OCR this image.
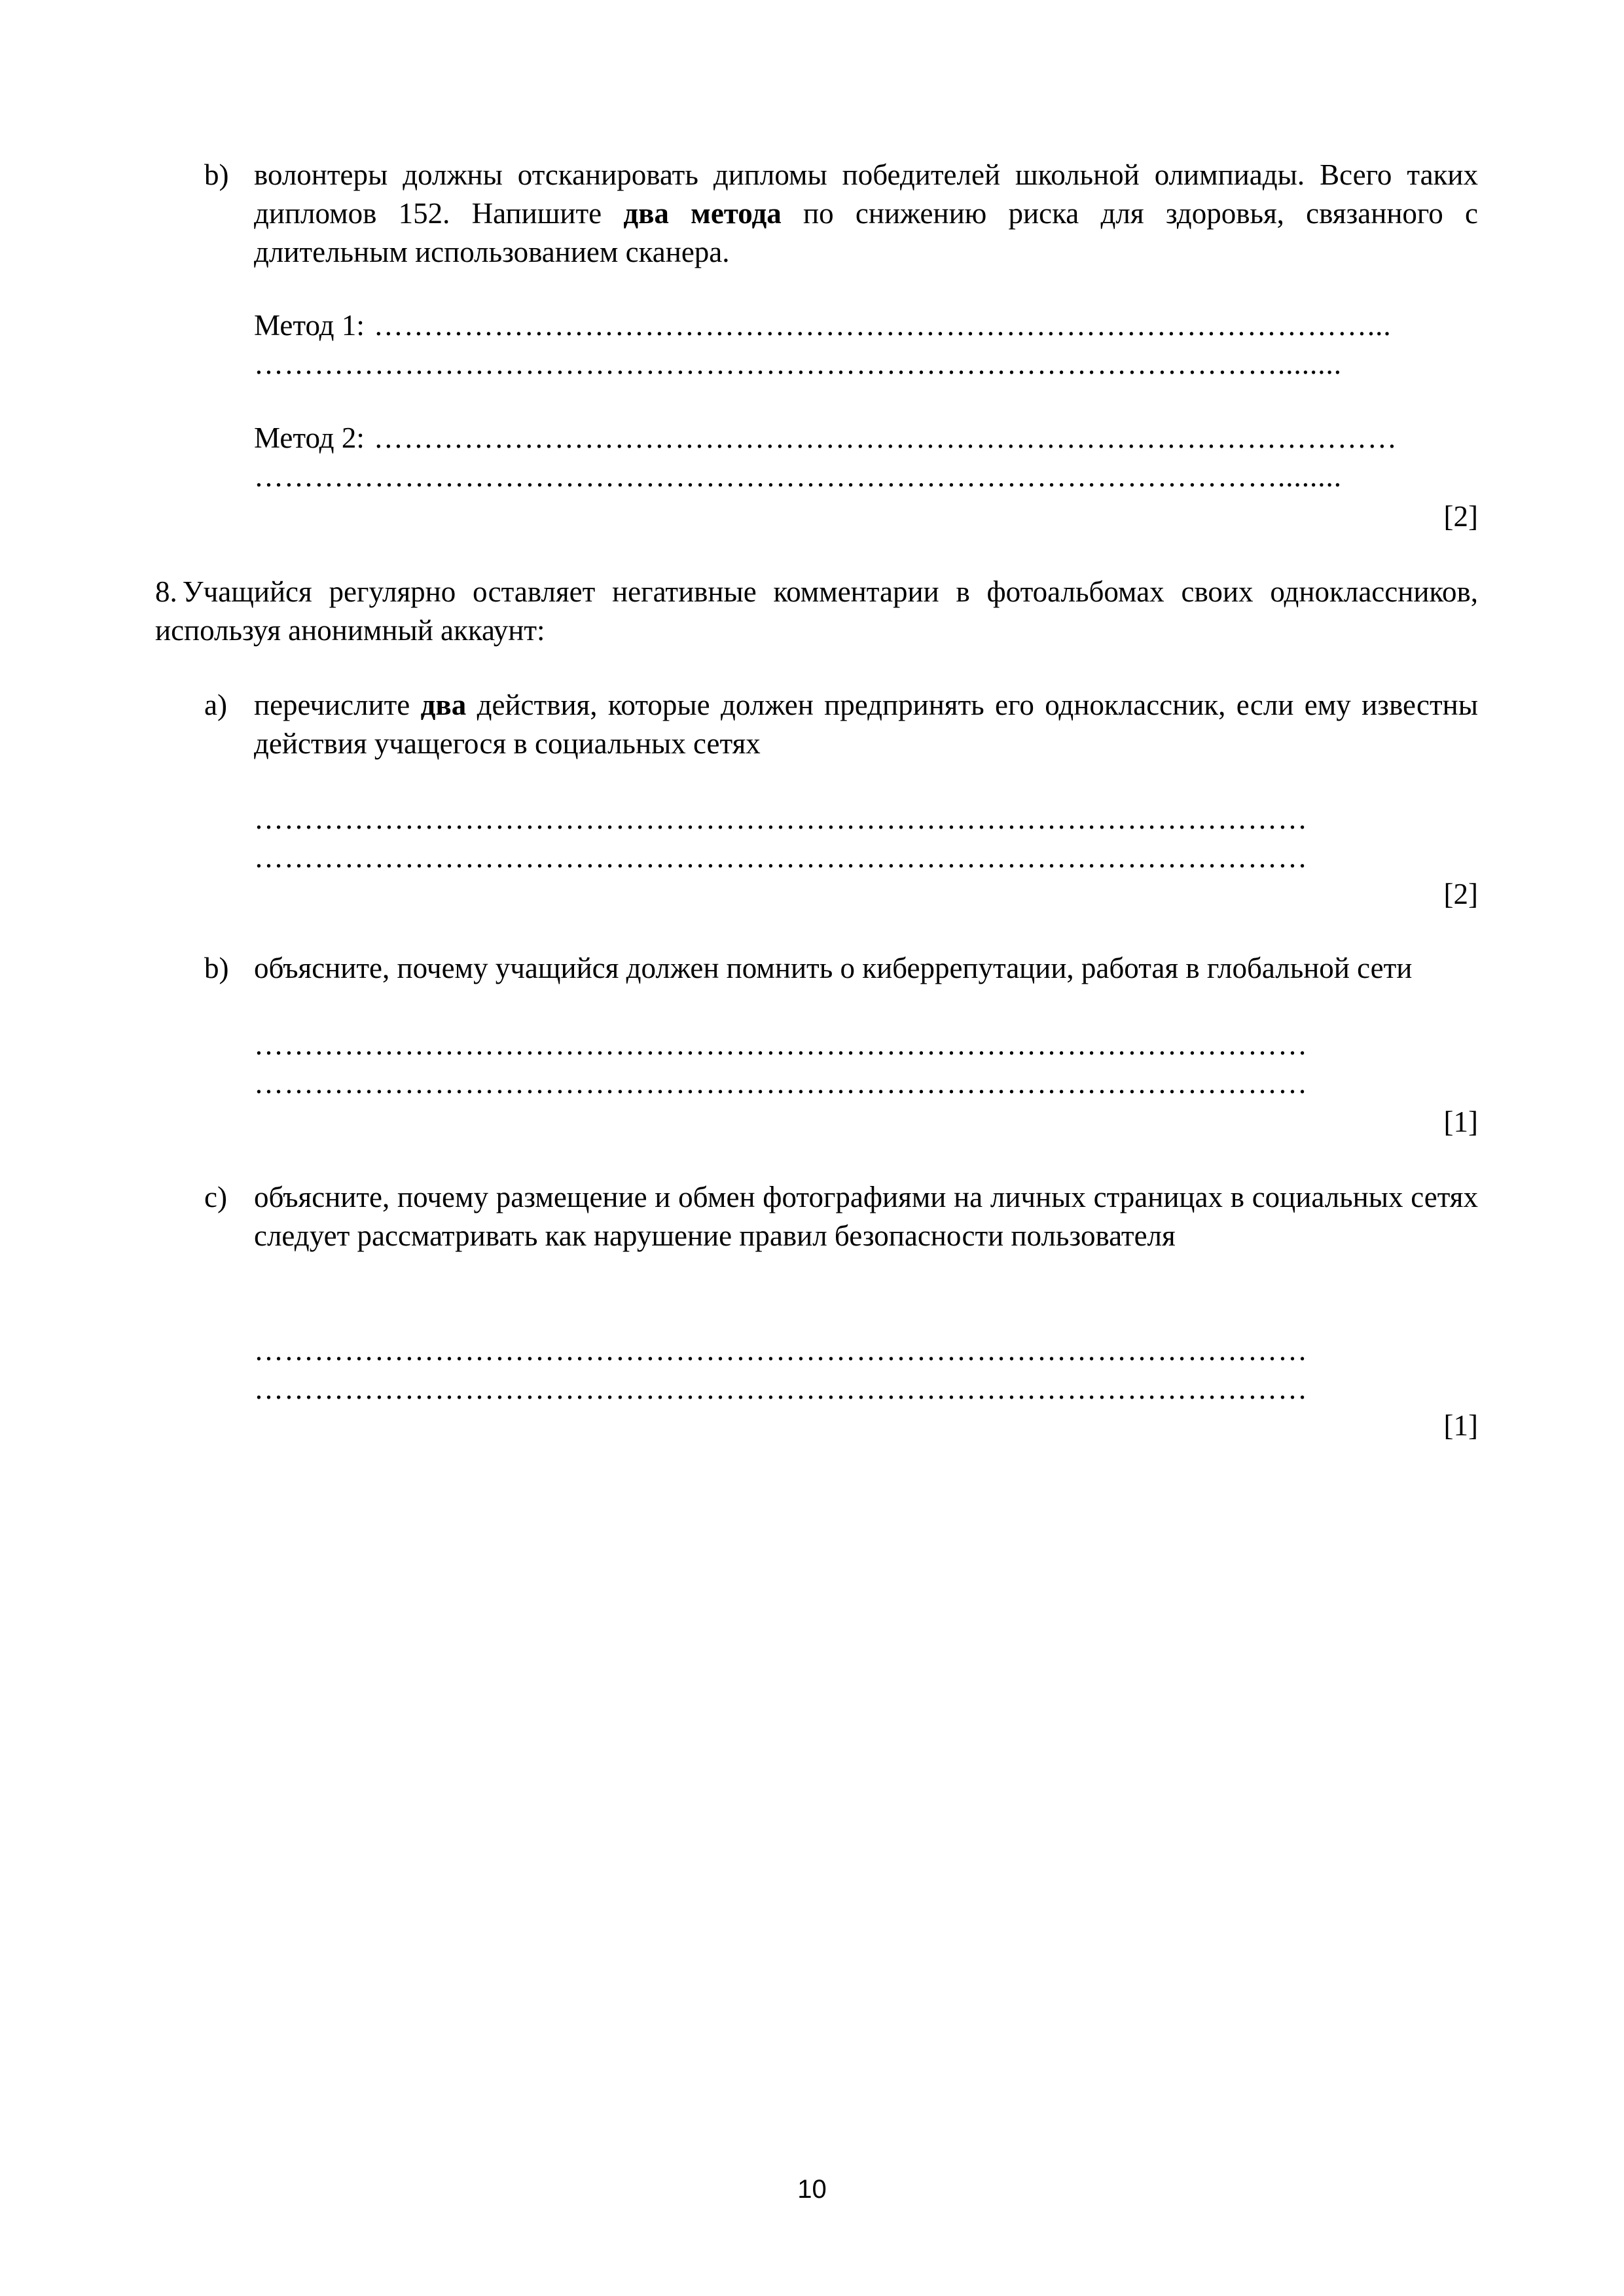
b) волонтеры должны отсканировать дипломы победителей школьной олимпиады. Всего таких дипломов 152. Напишите два метода по снижению риска для здоровья, связанного с длительным использованием сканера.
Метод 1: ………………………………………………………………………………………...
…………………………………………………………………………………………........
Метод 2: …………………………………………………………………………………………
…………………………………………………………………………………………........
[2]
8. Учащийся регулярно оставляет негативные комментарии в фотоальбомах своих одноклассников, используя анонимный аккаунт:
a) перечислите два действия, которые должен предпринять его одноклассник, если ему известны действия учащегося в социальных сетях
……………………………………………………………………………………………
……………………………………………………………………………………………
[2]
b) объясните, почему учащийся должен помнить о киберрепутации, работая в глобальной сети
……………………………………………………………………………………………
……………………………………………………………………………………………
[1]
c) объясните, почему размещение и обмен фотографиями на личных страницах в социальных сетях следует рассматривать как нарушение правил безопасности пользователя
……………………………………………………………………………………………
……………………………………………………………………………………………
[1]
10
